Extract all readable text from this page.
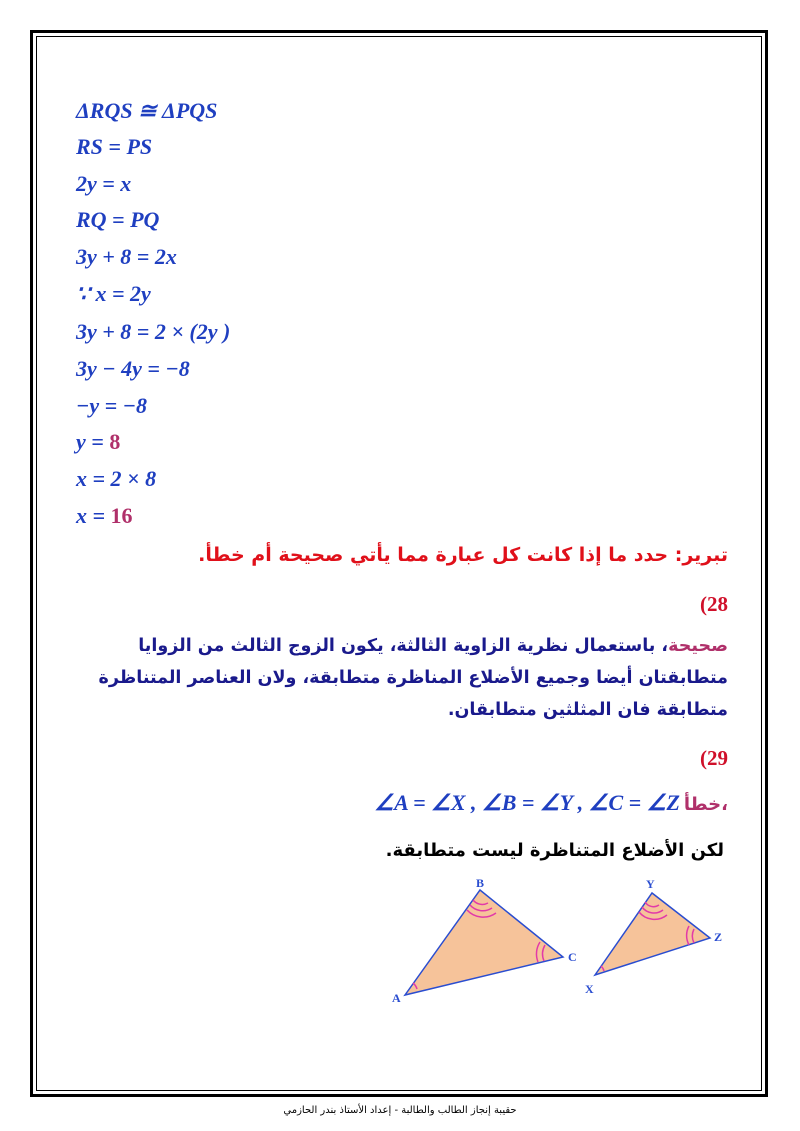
ΔRQS ≅ ΔPQS
RS = PS
2y = x
RQ = PQ
3y + 8 = 2x
∵ x = 2y
3y + 8 = 2 × (2y )
3y − 4y = −8
−y = −8
y = 8
x = 2 × 8
x = 16
تبرير: حدد ما إذا كانت كل عبارة مما يأتي صحيحة أم خطأ.
(28
صحيحة، باستعمال نظرية الزاوية الثالثة، يكون الزوج الثالث من الزوايا متطابقتان أيضا وجميع الأضلاع المناظرة متطابقة، ولان العناصر المتناظرة متطابقة فان المثلثين متطابقان.
(29
∠A = ∠X , ∠B = ∠Y , ∠C = ∠Z خطأ،
لكن الأضلاع المتناظرة ليست متطابقة.
A
B
C
X
Y
Z
حقيبة إنجاز الطالب والطالبة - إعداد الأستاذ بندر الحازمي
